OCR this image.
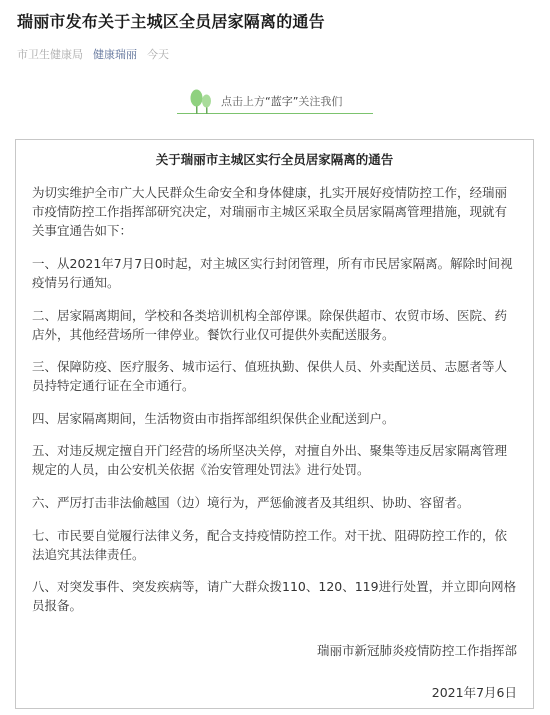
瑞丽市发布关于主城区全员居家隔离的通告
市卫生健康局 健康瑞丽 今天
点击上方“蓝字”关注我们
关于瑞丽市主城区实行全员居家隔离的通告

为切实维护全市广大人民群众生命安全和身体健康，扎实开展好疫情防控工作，经瑞丽
市疫情防控工作指挥部研究决定，对瑞丽市主城区采取全员居家隔离管理措施，现就有
关事宜通告如下：

一、从2021年7月7日0时起，对主城区实行封闭管理，所有市民居家隔离。解除时间视
疫情另行通知。

二、居家隔离期间，学校和各类培训机构全部停课。除保供超市、农贸市场、医院、药
店外，其他经营场所一律停业。餐饮行业仅可提供外卖配送服务。

三、保障防疫、医疗服务、城市运行、值班执勤、保供人员、外卖配送员、志愿者等人
员持特定通行证在全市通行。

四、居家隔离期间，生活物资由市指挥部组织保供企业配送到户。

五、对违反规定擅自开门经营的场所坚决关停，对擅自外出、聚集等违反居家隔离管理
规定的人员，由公安机关依据《治安管理处罚法》进行处罚。

六、严厉打击非法偷越国（边）境行为，严惩偷渡者及其组织、协助、容留者。

七、市民要自觉履行法律义务，配合支持疫情防控工作。对干扰、阻碍防控工作的，依
法追究其法律责任。

八、对突发事件、突发疾病等，请广大群众拨110、120、119进行处置，并立即向网格
员报备。

瑞丽市新冠肺炎疫情防控工作指挥部
2021年7月6日
